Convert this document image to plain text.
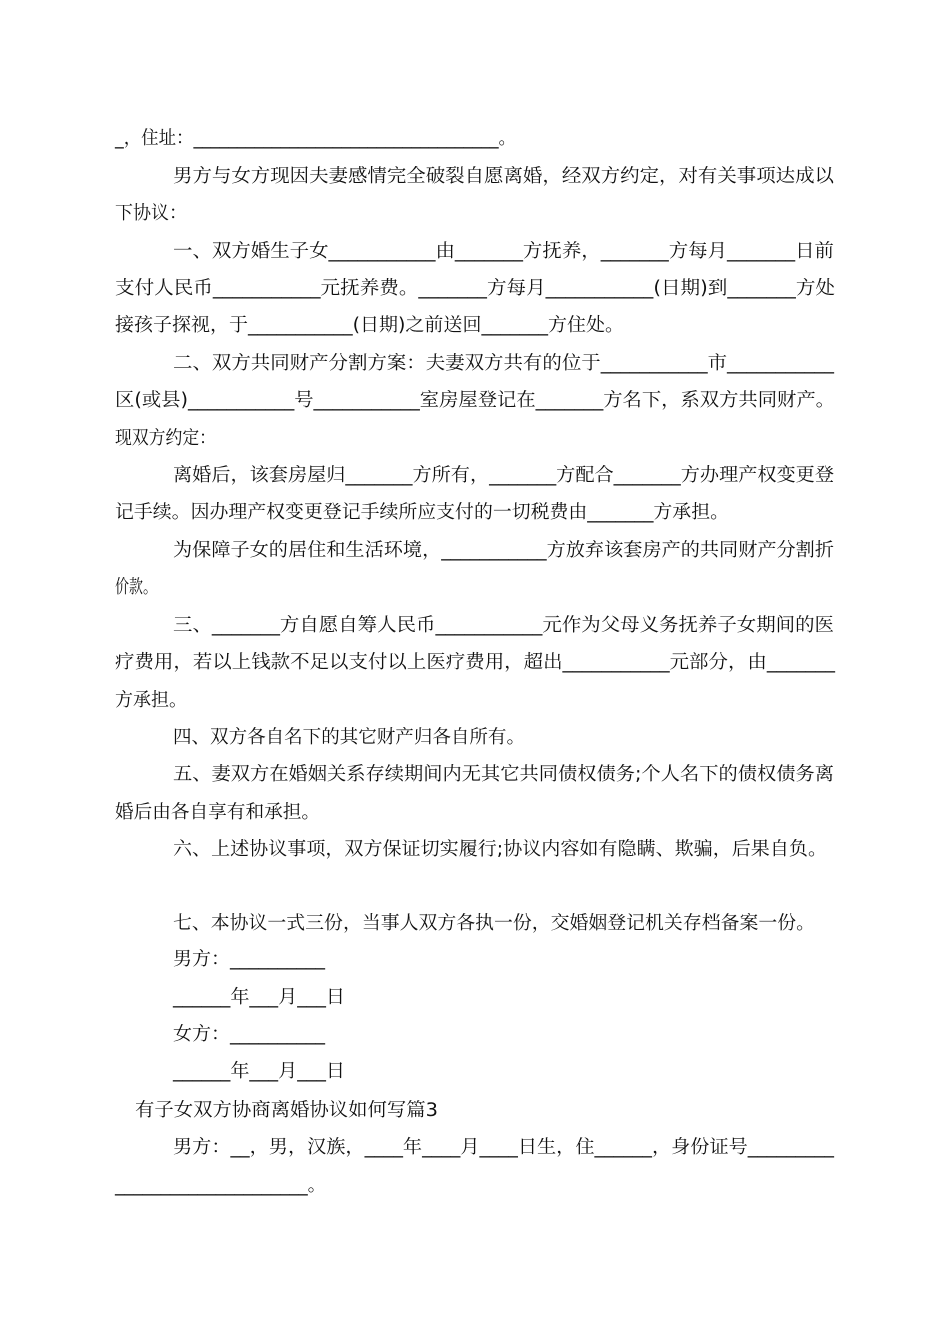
_，住址：___________________________________。
男方与女方现因夫妻感情完全破裂自愿离婚，经双方约定，对有关事项达成以
下协议：
一、双方婚生子女___________由_______方抚养，_______方每月_______日前
支付人民币___________元抚养费。_______方每月___________(日期)到_______方处
接孩子探视，于___________(日期)之前送回_______方住处。
二、双方共同财产分割方案：夫妻双方共有的位于___________市___________
区(或县)___________号___________室房屋登记在_______方名下，系双方共同财产。
现双方约定：
离婚后，该套房屋归_______方所有，_______方配合_______方办理产权变更登
记手续。因办理产权变更登记手续所应支付的一切税费由_______方承担。
为保障子女的居住和生活环境，___________方放弃该套房产的共同财产分割折
价款。
三、_______方自愿自筹人民币___________元作为父母义务抚养子女期间的医
疗费用，若以上钱款不足以支付以上医疗费用，超出___________元部分，由_______
方承担。
四、双方各自名下的其它财产归各自所有。
五、妻双方在婚姻关系存续期间内无其它共同债权债务;个人名下的债权债务离
婚后由各自享有和承担。
六、上述协议事项，双方保证切实履行;协议内容如有隐瞒、欺骗，后果自负。
七、本协议一式三份，当事人双方各执一份，交婚姻登记机关存档备案一份。
男方：__________
______年___月___日
女方：__________
______年___月___日
有子女双方协商离婚协议如何写篇3
男方：__，男，汉族，____年____月____日生，住______，身份证号_________
_____________________。
